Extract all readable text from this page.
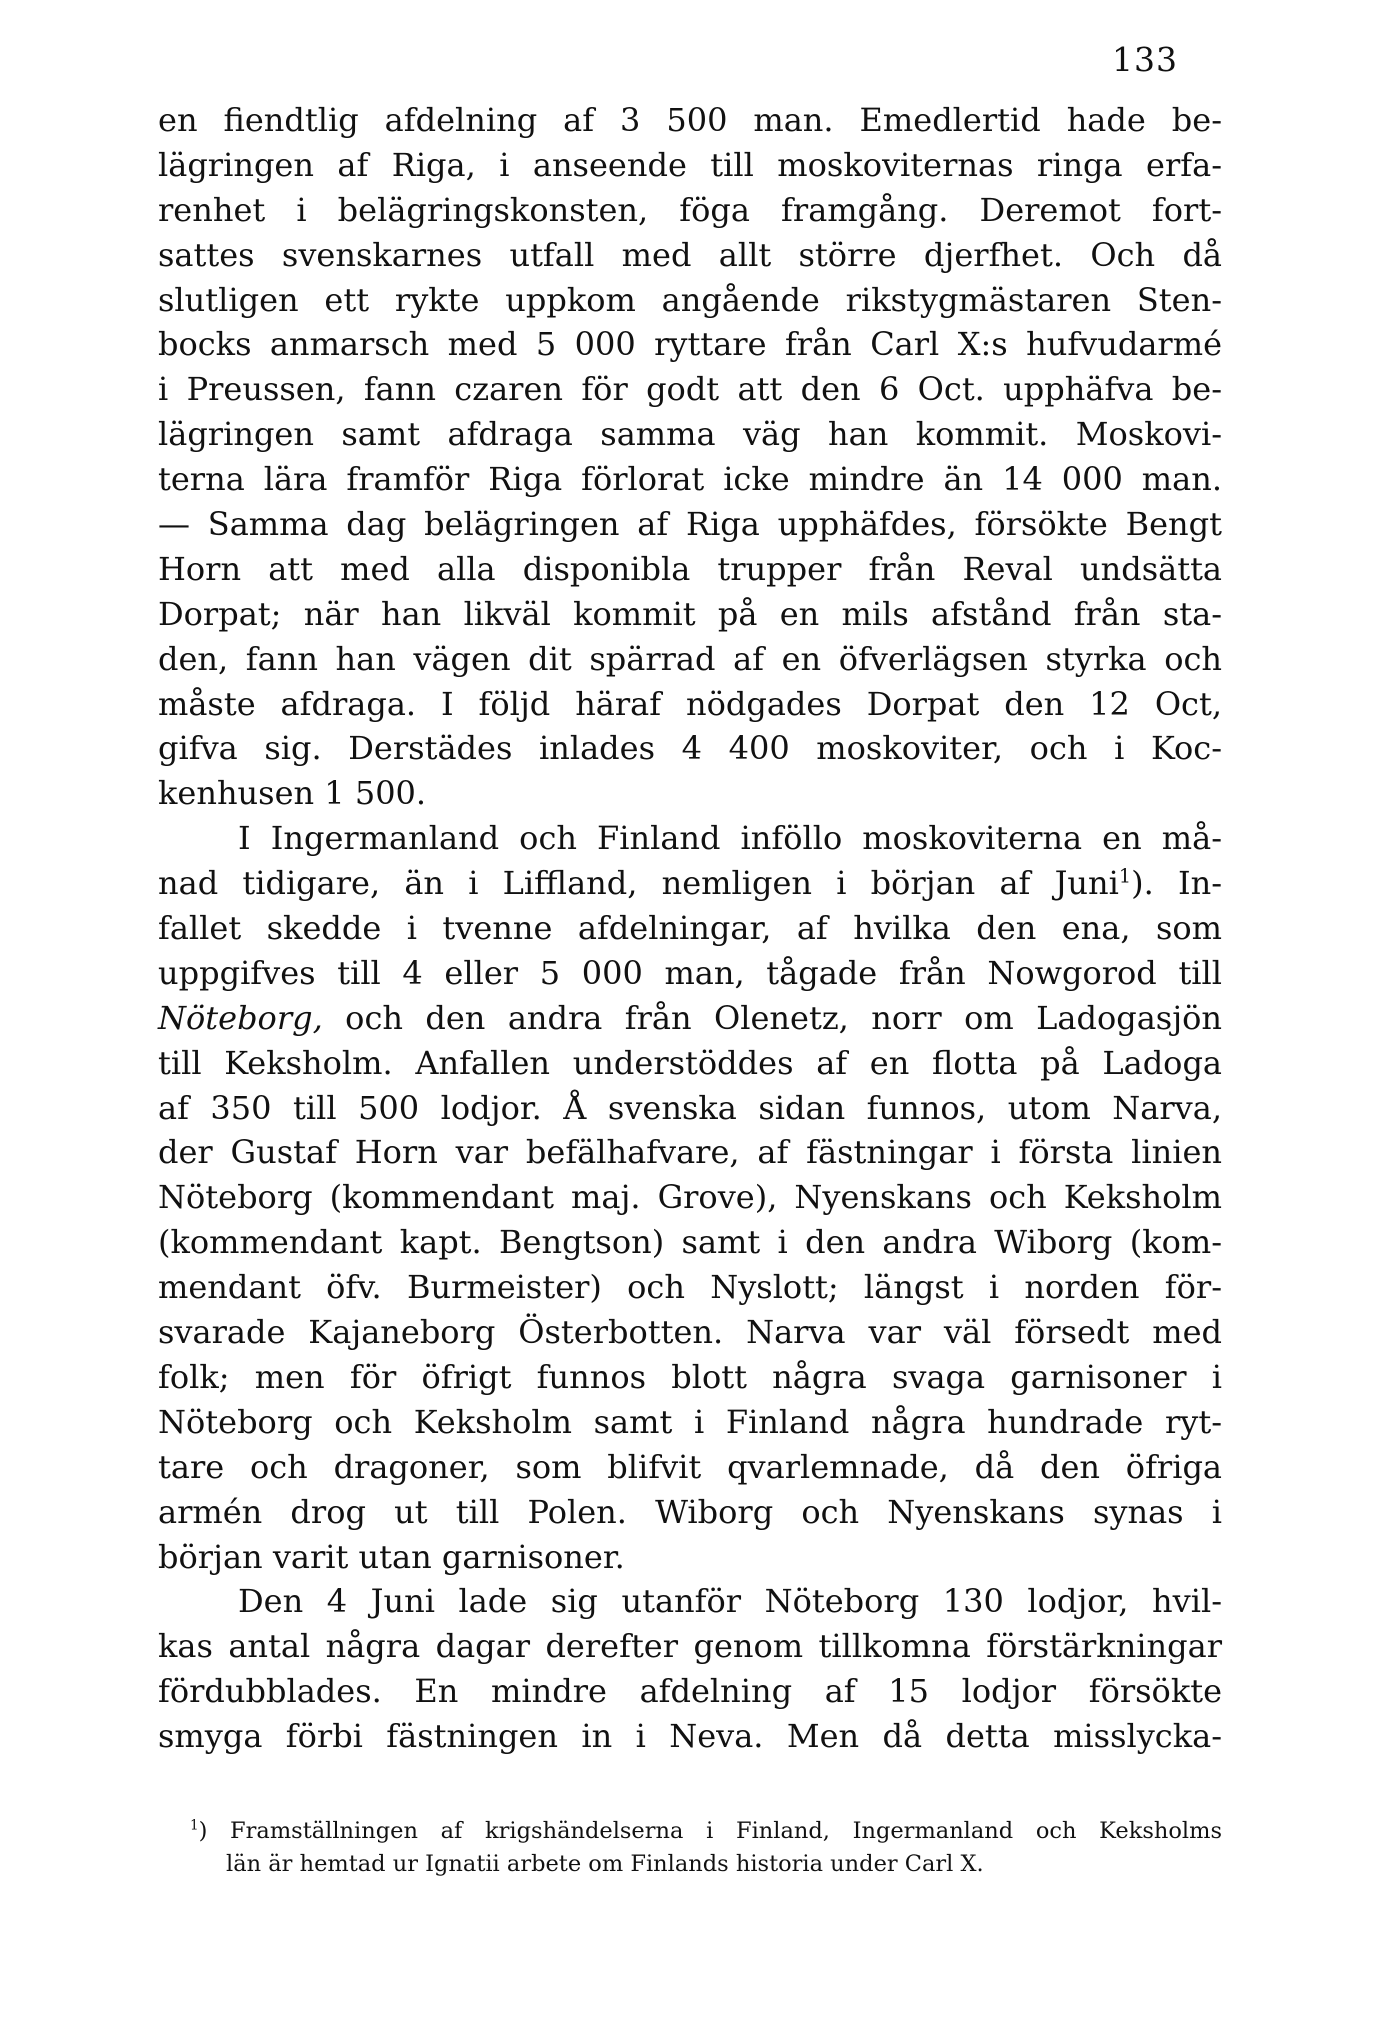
133
en fiendtlig afdelning af 3 500 man. Emedlertid hade be-
lägringen af Riga, i anseende till moskoviternas ringa erfa-
renhet i belägringskonsten, föga framgång. Deremot fort-
sattes svenskarnes utfall med allt större djerfhet. Och då
slutligen ett rykte uppkom angående rikstygmästaren Sten-
bocks anmarsch med 5 000 ryttare från Carl X:s hufvudarmé
i Preussen, fann czaren för godt att den 6 Oct. upphäfva be-
lägringen samt afdraga samma väg han kommit. Moskovi-
terna lära framför Riga förlorat icke mindre än 14 000 man.
— Samma dag belägringen af Riga upphäfdes, försökte Bengt
Horn att med alla disponibla trupper från Reval undsätta
Dorpat; när han likväl kommit på en mils afstånd från sta-
den, fann han vägen dit spärrad af en öfverlägsen styrka och
måste afdraga. I följd häraf nödgades Dorpat den 12 Oct,
gifva sig. Derstädes inlades 4 400 moskoviter, och i Koc-
kenhusen 1 500.
I Ingermanland och Finland inföllo moskoviterna en må-
nad tidigare, än i Liffland, nemligen i början af Juni$^1$). In-
fallet skedde i tvenne afdelningar, af hvilka den ena, som
uppgifves till 4 eller 5 000 man, tågade från Nowgorod till
Nöteborg, och den andra från Olenetz, norr om Ladogasjön
till Keksholm. Anfallen understöddes af en flotta på Ladoga
af 350 till 500 lodjor. Å svenska sidan funnos, utom Narva,
der Gustaf Horn var befälhafvare, af fästningar i första linien
Nöteborg (kommendant maj. Grove), Nyenskans och Keksholm
(kommendant kapt. Bengtson) samt i den andra Wiborg (kom-
mendant öfv. Burmeister) och Nyslott; längst i norden för-
svarade Kajaneborg Österbotten. Narva var väl försedt med
folk; men för öfrigt funnos blott några svaga garnisoner i
Nöteborg och Keksholm samt i Finland några hundrade ryt-
tare och dragoner, som blifvit qvarlemnade, då den öfriga
armén drog ut till Polen. Wiborg och Nyenskans synas i
början varit utan garnisoner.
Den 4 Juni lade sig utanför Nöteborg 130 lodjor, hvil-
kas antal några dagar derefter genom tillkomna förstärkningar
fördubblades. En mindre afdelning af 15 lodjor försökte
smyga förbi fästningen in i Neva. Men då detta misslycka-
$^1$) Framställningen af krigshändelserna i Finland, Ingermanland och Keksholms
län är hemtad ur Ignatii arbete om Finlands historia under Carl X.
